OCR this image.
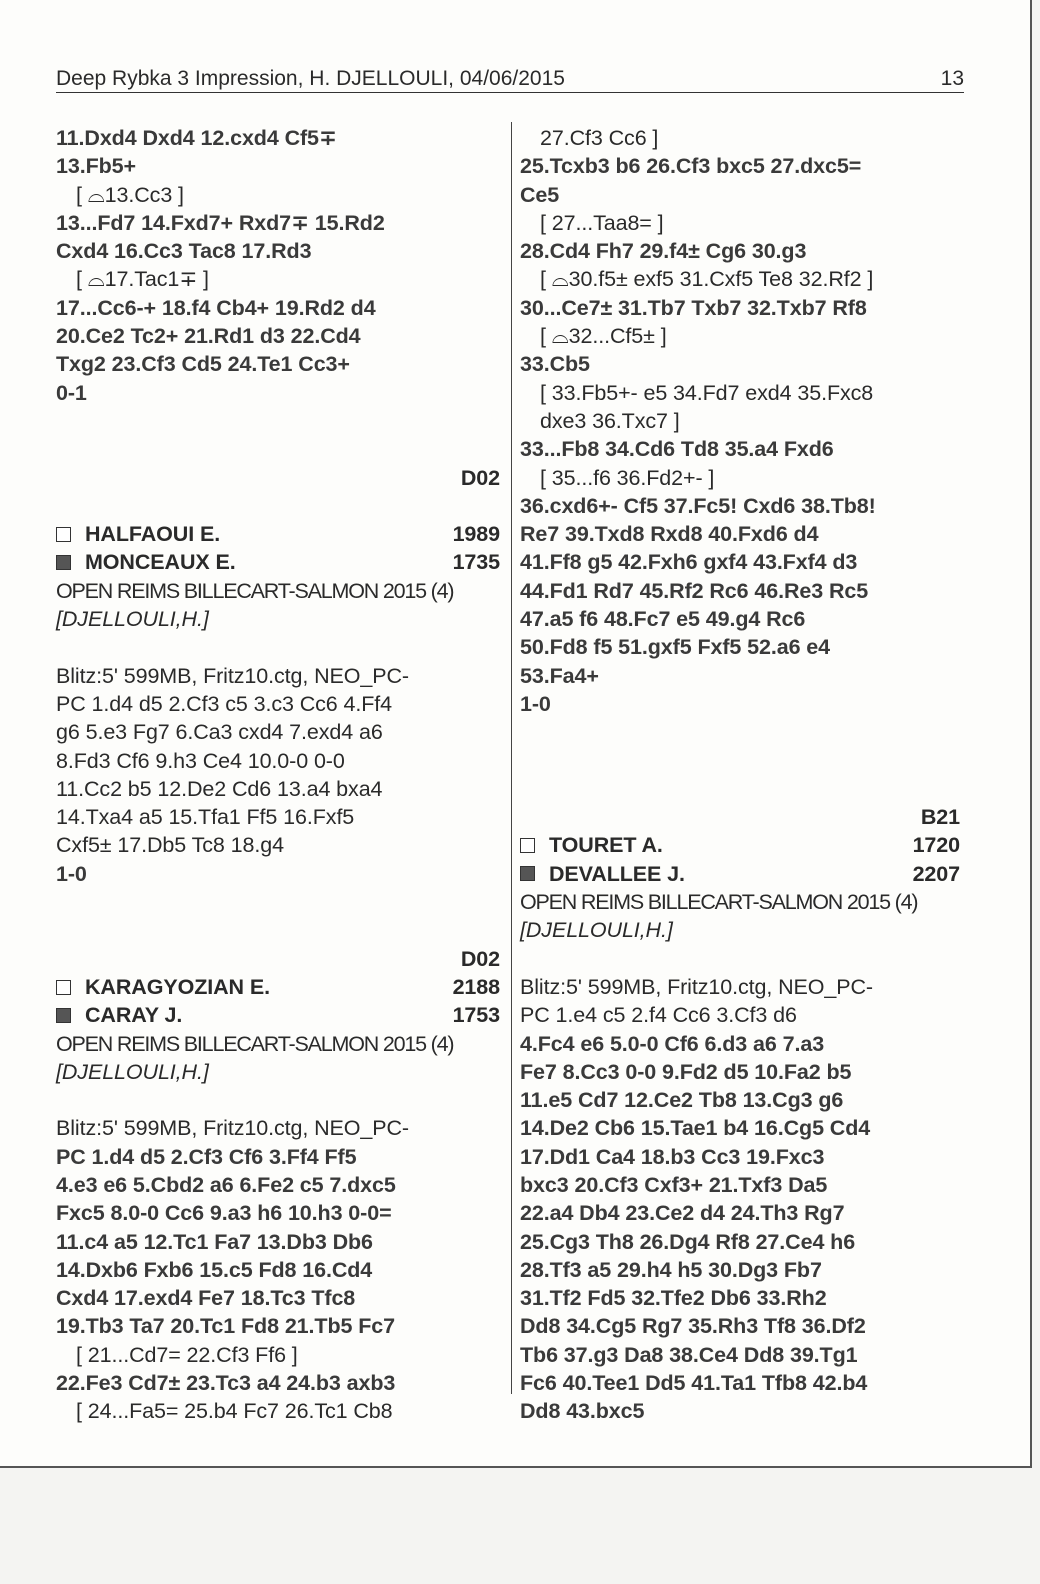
Deep Rybka 3 Impression, H. DJELLOULI, 04/06/2015	13
11.Dxd4 Dxd4 12.cxd4 Cf5∓
13.Fb5+
[ ⌓13.Cc3 ]
13...Fd7 14.Fxd7+ Rxd7∓ 15.Rd2
Cxd4 16.Cc3 Tac8 17.Rd3
[ ⌓17.Tac1∓ ]
17...Cc6-+ 18.f4 Cb4+ 19.Rd2 d4
20.Ce2 Tc2+ 21.Rd1 d3 22.Cd4
Txg2 23.Cf3 Cd5 24.Te1 Cc3+
0-1
D02
HALFAOUI E.	1989
MONCEAUX E.	1735
OPEN REIMS BILLECART-SALMON 2015 (4)
[DJELLOULI,H.]
Blitz:5' 599MB, Fritz10.ctg, NEO_PC-
PC 1.d4 d5 2.Cf3 c5 3.c3 Cc6 4.Ff4
g6 5.e3 Fg7 6.Ca3 cxd4 7.exd4 a6
8.Fd3 Cf6 9.h3 Ce4 10.0-0 0-0
11.Cc2 b5 12.De2 Cd6 13.a4 bxa4
14.Txa4 a5 15.Tfa1 Ff5 16.Fxf5
Cxf5± 17.Db5 Tc8 18.g4
1-0
D02
KARAGYOZIAN E.	2188
CARAY J.	1753
OPEN REIMS BILLECART-SALMON 2015 (4)
[DJELLOULI,H.]
Blitz:5' 599MB, Fritz10.ctg, NEO_PC-
PC 1.d4 d5 2.Cf3 Cf6 3.Ff4 Ff5
4.e3 e6 5.Cbd2 a6 6.Fe2 c5 7.dxc5
Fxc5 8.0-0 Cc6 9.a3 h6 10.h3 0-0=
11.c4 a5 12.Tc1 Fa7 13.Db3 Db6
14.Dxb6 Fxb6 15.c5 Fd8 16.Cd4
Cxd4 17.exd4 Fe7 18.Tc3 Tfc8
19.Tb3 Ta7 20.Tc1 Fd8 21.Tb5 Fc7
[ 21...Cd7= 22.Cf3 Ff6 ]
22.Fe3 Cd7± 23.Tc3 a4 24.b3 axb3
[ 24...Fa5= 25.b4 Fc7 26.Tc1 Cb8
27.Cf3 Cc6 ]
25.Tcxb3 b6 26.Cf3 bxc5 27.dxc5=
Ce5
[ 27...Taa8= ]
28.Cd4 Fh7 29.f4± Cg6 30.g3
[ ⌓30.f5± exf5 31.Cxf5 Te8 32.Rf2 ]
30...Ce7± 31.Tb7 Txb7 32.Txb7 Rf8
[ ⌓32...Cf5± ]
33.Cb5
[ 33.Fb5+- e5 34.Fd7 exd4 35.Fxc8
dxe3 36.Txc7 ]
33...Fb8 34.Cd6 Td8 35.a4 Fxd6
[ 35...f6 36.Fd2+- ]
36.cxd6+- Cf5 37.Fc5! Cxd6 38.Tb8!
Re7 39.Txd8 Rxd8 40.Fxd6 d4
41.Ff8 g5 42.Fxh6 gxf4 43.Fxf4 d3
44.Fd1 Rd7 45.Rf2 Rc6 46.Re3 Rc5
47.a5 f6 48.Fc7 e5 49.g4 Rc6
50.Fd8 f5 51.gxf5 Fxf5 52.a6 e4
53.Fa4+
1-0
B21
TOURET A.	1720
DEVALLEE J.	2207
OPEN REIMS BILLECART-SALMON 2015 (4)
[DJELLOULI,H.]
Blitz:5' 599MB, Fritz10.ctg, NEO_PC-
PC 1.e4 c5 2.f4 Cc6 3.Cf3 d6
4.Fc4 e6 5.0-0 Cf6 6.d3 a6 7.a3
Fe7 8.Cc3 0-0 9.Fd2 d5 10.Fa2 b5
11.e5 Cd7 12.Ce2 Tb8 13.Cg3 g6
14.De2 Cb6 15.Tae1 b4 16.Cg5 Cd4
17.Dd1 Ca4 18.b3 Cc3 19.Fxc3
bxc3 20.Cf3 Cxf3+ 21.Txf3 Da5
22.a4 Db4 23.Ce2 d4 24.Th3 Rg7
25.Cg3 Th8 26.Dg4 Rf8 27.Ce4 h6
28.Tf3 a5 29.h4 h5 30.Dg3 Fb7
31.Tf2 Fd5 32.Tfe2 Db6 33.Rh2
Dd8 34.Cg5 Rg7 35.Rh3 Tf8 36.Df2
Tb6 37.g3 Da8 38.Ce4 Dd8 39.Tg1
Fc6 40.Tee1 Dd5 41.Ta1 Tfb8 42.b4
Dd8 43.bxc5
